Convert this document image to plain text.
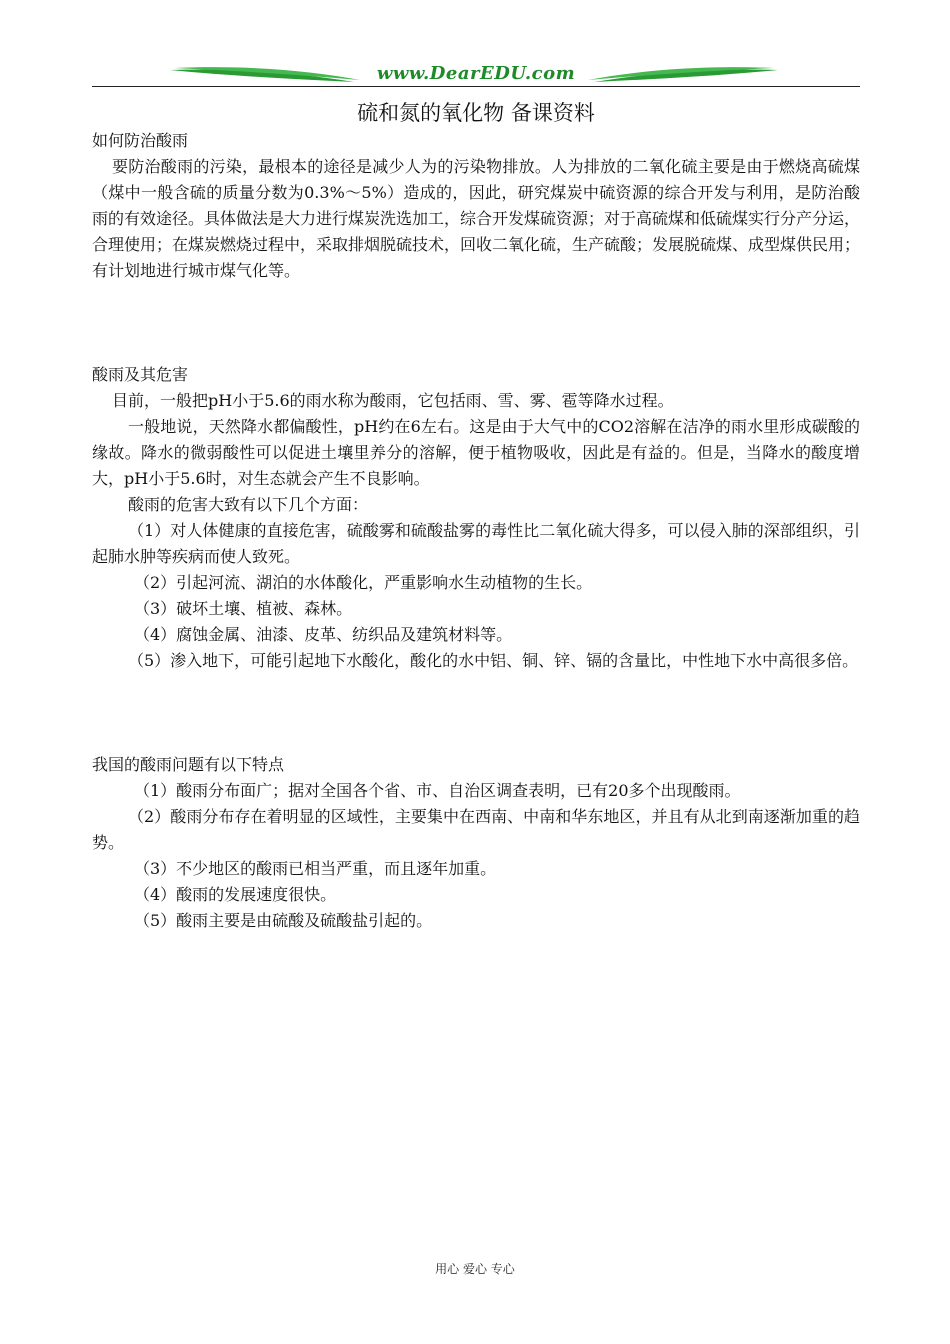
www.DearEDU.com
硫和氮的氧化物 备课资料

如何防治酸雨

要防治酸雨的污染，最根本的途径是减少人为的污染物排放。人为排放的二氧化硫主要是由于燃烧高硫煤（煤中一般含硫的质量分数为0.3%～5%）造成的，因此，研究煤炭中硫资源的综合开发与利用，是防治酸雨的有效途径。具体做法是大力进行煤炭洗选加工，综合开发煤硫资源；对于高硫煤和低硫煤实行分产分运，合理使用；在煤炭燃烧过程中，采取排烟脱硫技术，回收二氧化硫，生产硫酸；发展脱硫煤、成型煤供民用；有计划地进行城市煤气化等。

酸雨及其危害

目前，一般把pH小于5.6的雨水称为酸雨，它包括雨、雪、雾、雹等降水过程。

一般地说，天然降水都偏酸性，pH约在6左右。这是由于大气中的CO2溶解在洁净的雨水里形成碳酸的缘故。降水的微弱酸性可以促进土壤里养分的溶解，便于植物吸收，因此是有益的。但是，当降水的酸度增大，pH小于5.6时，对生态就会产生不良影响。

酸雨的危害大致有以下几个方面：

（1）对人体健康的直接危害，硫酸雾和硫酸盐雾的毒性比二氧化硫大得多，可以侵入肺的深部组织，引起肺水肿等疾病而使人致死。

（2）引起河流、湖泊的水体酸化，严重影响水生动植物的生长。

（3）破坏土壤、植被、森林。

（4）腐蚀金属、油漆、皮革、纺织品及建筑材料等。

（5）渗入地下，可能引起地下水酸化，酸化的水中铝、铜、锌、镉的含量比，中性地下水中高很多倍。

我国的酸雨问题有以下特点

（1）酸雨分布面广；据对全国各个省、市、自治区调查表明，已有20多个出现酸雨。

（2）酸雨分布存在着明显的区域性，主要集中在西南、中南和华东地区，并且有从北到南逐渐加重的趋势。

（3）不少地区的酸雨已相当严重，而且逐年加重。

（4）酸雨的发展速度很快。

（5）酸雨主要是由硫酸及硫酸盐引起的。

用心 爱心 专心
